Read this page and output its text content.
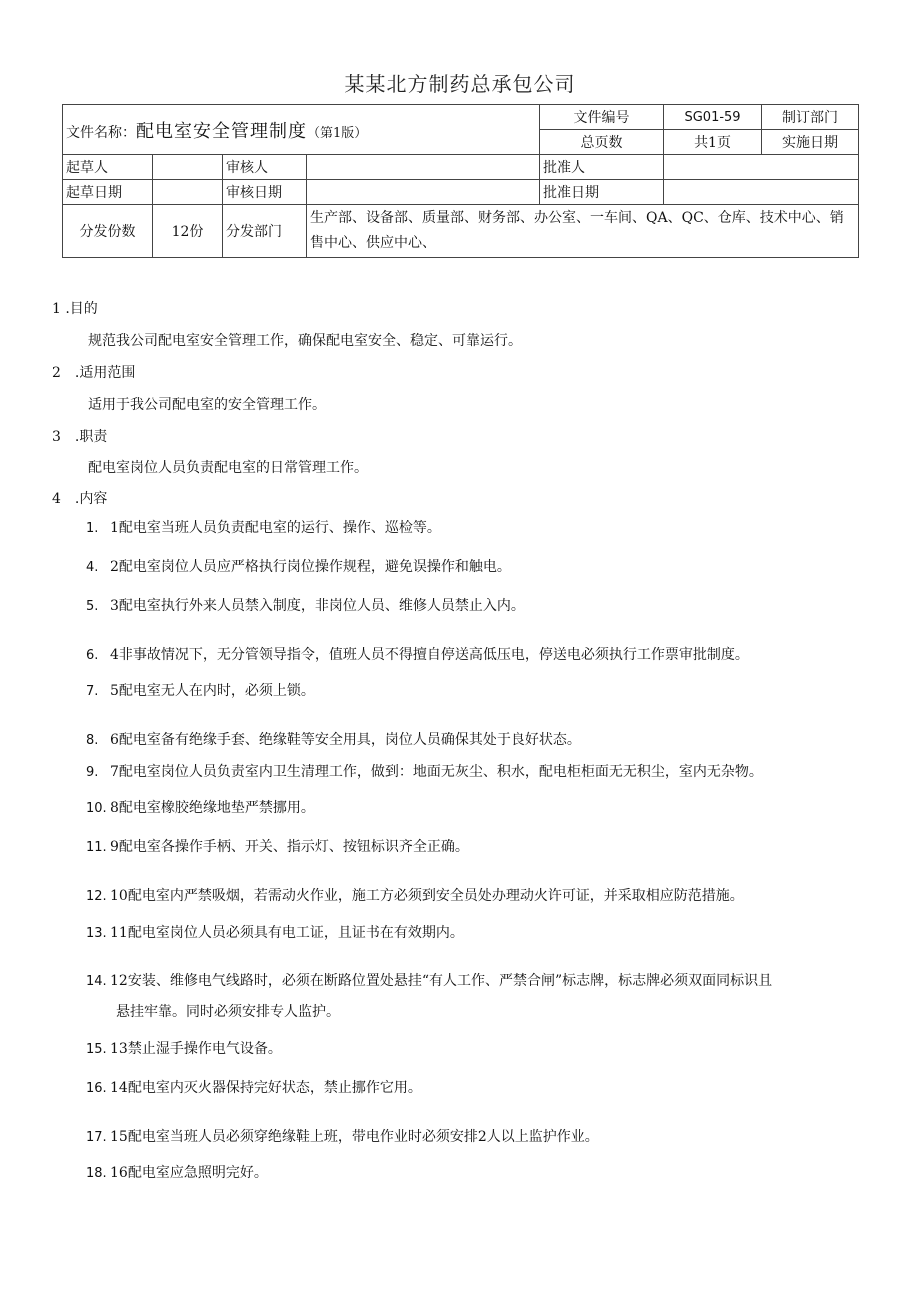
某某北方制药总承包公司
文件名称：配电室安全管理制度（第1版）				文件编号	SG01-59	制订部门	
				总页数	共1页	实施日期	
起草人		审核人		批准人			
起草日期		审核日期		批准日期			
分发份数	12份	分发部门	生产部、设备部、质量部、财务部、办公室、一车间、QA、QC、仓库、技术中心、销售中心、供应中心、				
1 .目的
规范我公司配电室安全管理工作，确保配电室安全、稳定、可靠运行。
2　.适用范围
适用于我公司配电室的安全管理工作。
3　.职责
配电室岗位人员负责配电室的日常管理工作。
4　.内容
1. 1配电室当班人员负责配电室的运行、操作、巡检等。
4. 2配电室岗位人员应严格执行岗位操作规程，避免误操作和触电。
5. 3配电室执行外来人员禁入制度，非岗位人员、维修人员禁止入内。
6. 4非事故情况下，无分管领导指令，值班人员不得擅自停送高低压电，停送电必须执行工作票审批制度。
7. 5配电室无人在内时，必须上锁。
8. 6配电室备有绝缘手套、绝缘鞋等安全用具，岗位人员确保其处于良好状态。
9. 7配电室岗位人员负责室内卫生清理工作，做到：地面无灰尘、积水，配电柜柜面无无积尘，室内无杂物。
10. 8配电室橡胶绝缘地垫严禁挪用。
11. 9配电室各操作手柄、开关、指示灯、按钮标识齐全正确。
12. 10配电室内严禁吸烟，若需动火作业，施工方必须到安全员处办理动火许可证，并采取相应防范措施。
13. 11配电室岗位人员必须具有电工证，且证书在有效期内。
14. 12安装、维修电气线路时，必须在断路位置处悬挂“有人工作、严禁合闸”标志牌，标志牌必须双面同标识且
悬挂牢靠。同时必须安排专人监护。
15. 13禁止湿手操作电气设备。
16. 14配电室内灭火器保持完好状态，禁止挪作它用。
17. 15配电室当班人员必须穿绝缘鞋上班，带电作业时必须安排2人以上监护作业。
18. 16配电室应急照明完好。
